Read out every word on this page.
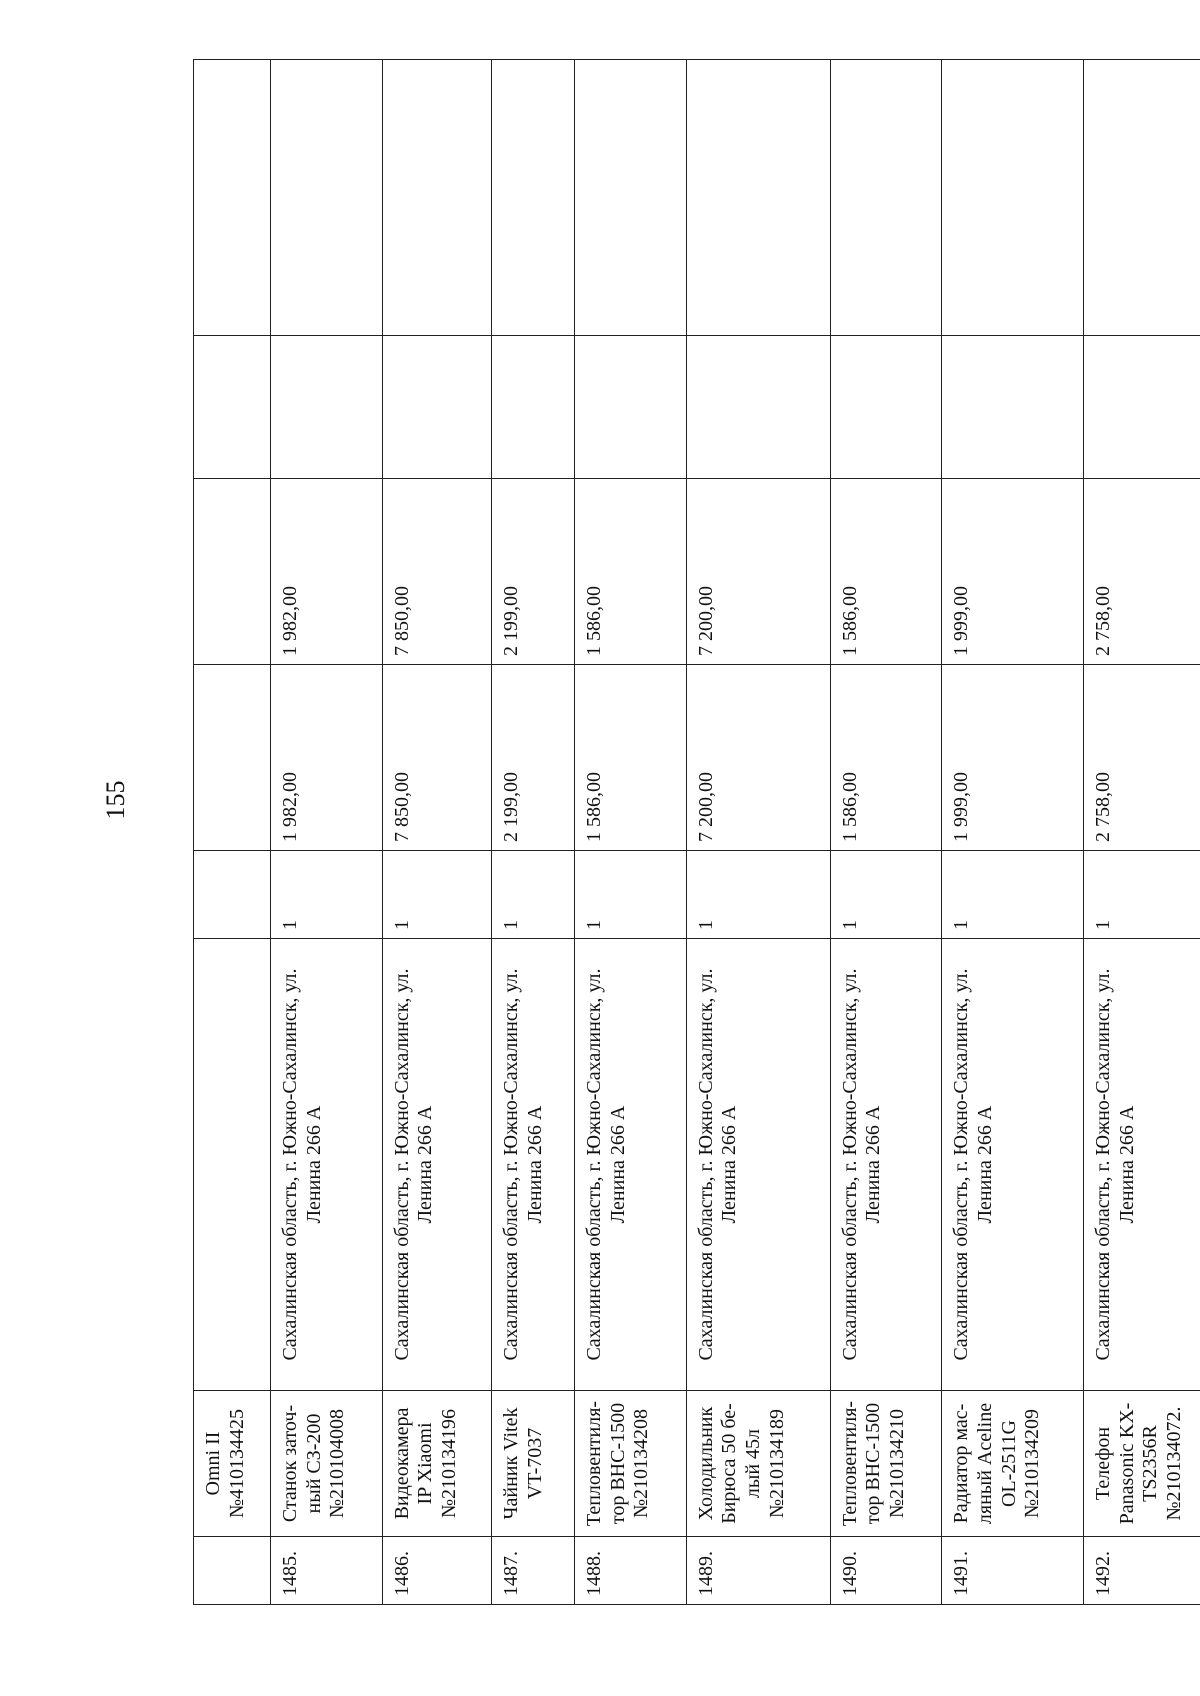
155
	Omni II №410134425						
1485.	Станок заточ-ный СЗ-200 №210104008	Сахалинская область, г. Южно-Сахалинск, ул. Ленина 266 А	1	1 982,00	1 982,00		
1486.	Видеокамера IP Xiaomi №210134196	Сахалинская область, г. Южно-Сахалинск, ул. Ленина 266 А	1	7 850,00	7 850,00		
1487.	Чайник Vitek VT-7037	Сахалинская область, г. Южно-Сахалинск, ул. Ленина 266 А	1	2 199,00	2 199,00		
1488.	Тепловентиля-тор ВНС-1500 №210134208	Сахалинская область, г. Южно-Сахалинск, ул. Ленина 266 А	1	1 586,00	1 586,00		
1489.	Холодильник Бирюса 50 бе-лый 45л №210134189	Сахалинская область, г. Южно-Сахалинск, ул. Ленина 266 А	1	7 200,00	7 200,00		
1490.	Тепловентиля-тор ВНС-1500 №210134210	Сахалинская область, г. Южно-Сахалинск, ул. Ленина 266 А	1	1 586,00	1 586,00		
1491.	Радиатор мас-ляный Aceline OL-2511G №210134209	Сахалинская область, г. Южно-Сахалинск, ул. Ленина 266 А	1	1 999,00	1 999,00		
1492.	Телефон Panasonic KX-TS2356R №210134072.	Сахалинская область, г. Южно-Сахалинск, ул. Ленина 266 А	1	2 758,00	2 758,00		
